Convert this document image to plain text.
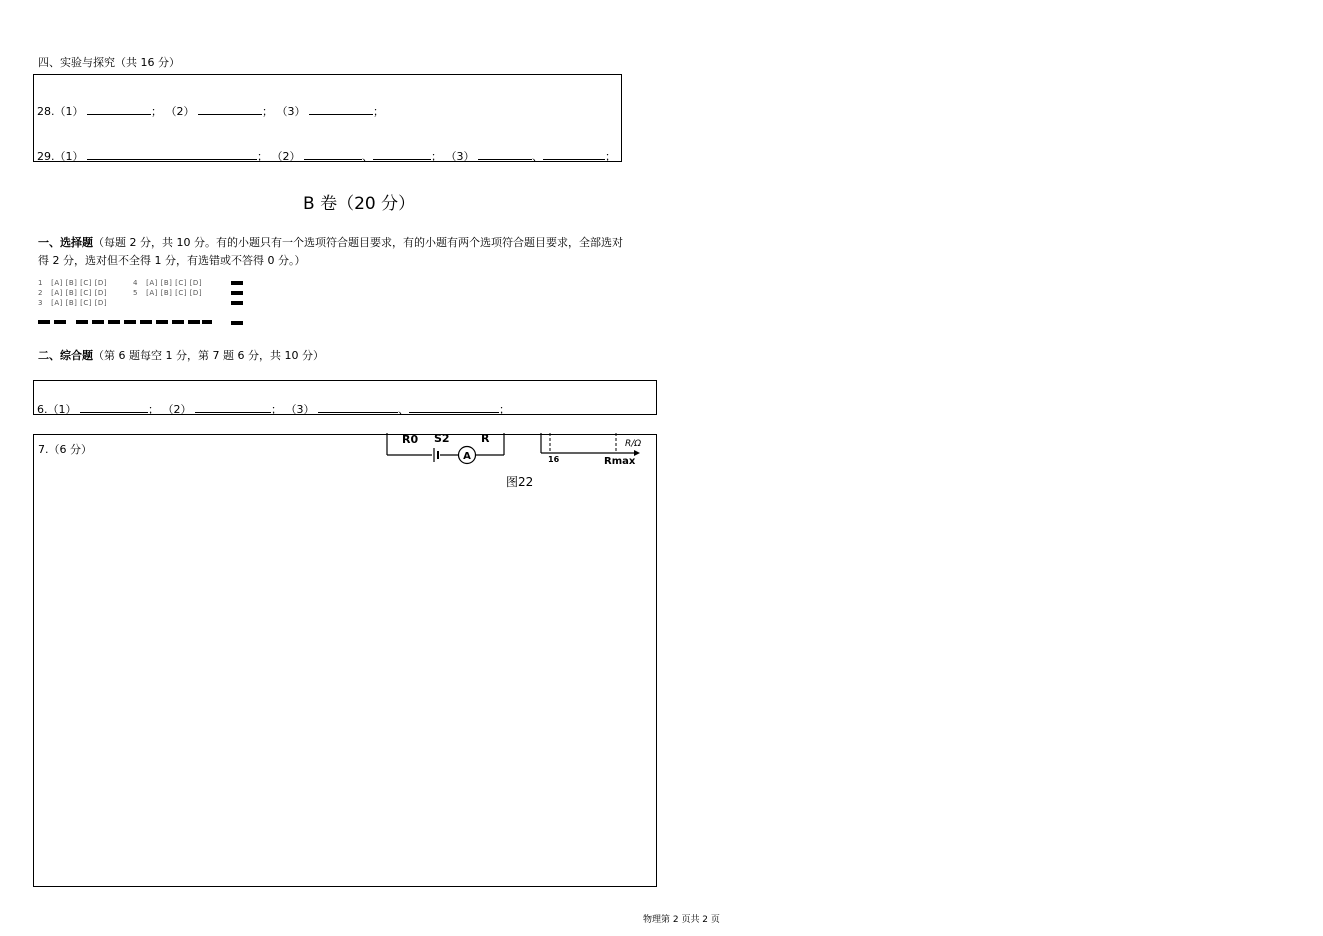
四、实验与探究（共 16 分）
28.（1）	； （2）	； （3）	；
29.（1）	； （2）	、	； （3）	、	；
B 卷（20 分）
一、选择题（每题 2 分，共 10 分。有的小题只有一个选项符合题目要求，有的小题有两个选项符合题目要求，全部选对
得 2 分，选对但不全得 1 分，有选错或不答得 0 分。）
1 [A] [B] [C] [D]	4 [A] [B] [C] [D]
2 [A] [B] [C] [D]	5 [A] [B] [C] [D]
3 [A] [B] [C] [D]
二、综合题（第 6 题每空 1 分，第 7 题 6 分，共 10 分）
6.（1）	； （2）	； （3）	、	；
7.（6 分）
A
R0 S2	R
16	Rmax
R/Ω
图22
物理第 2 页共 2 页
